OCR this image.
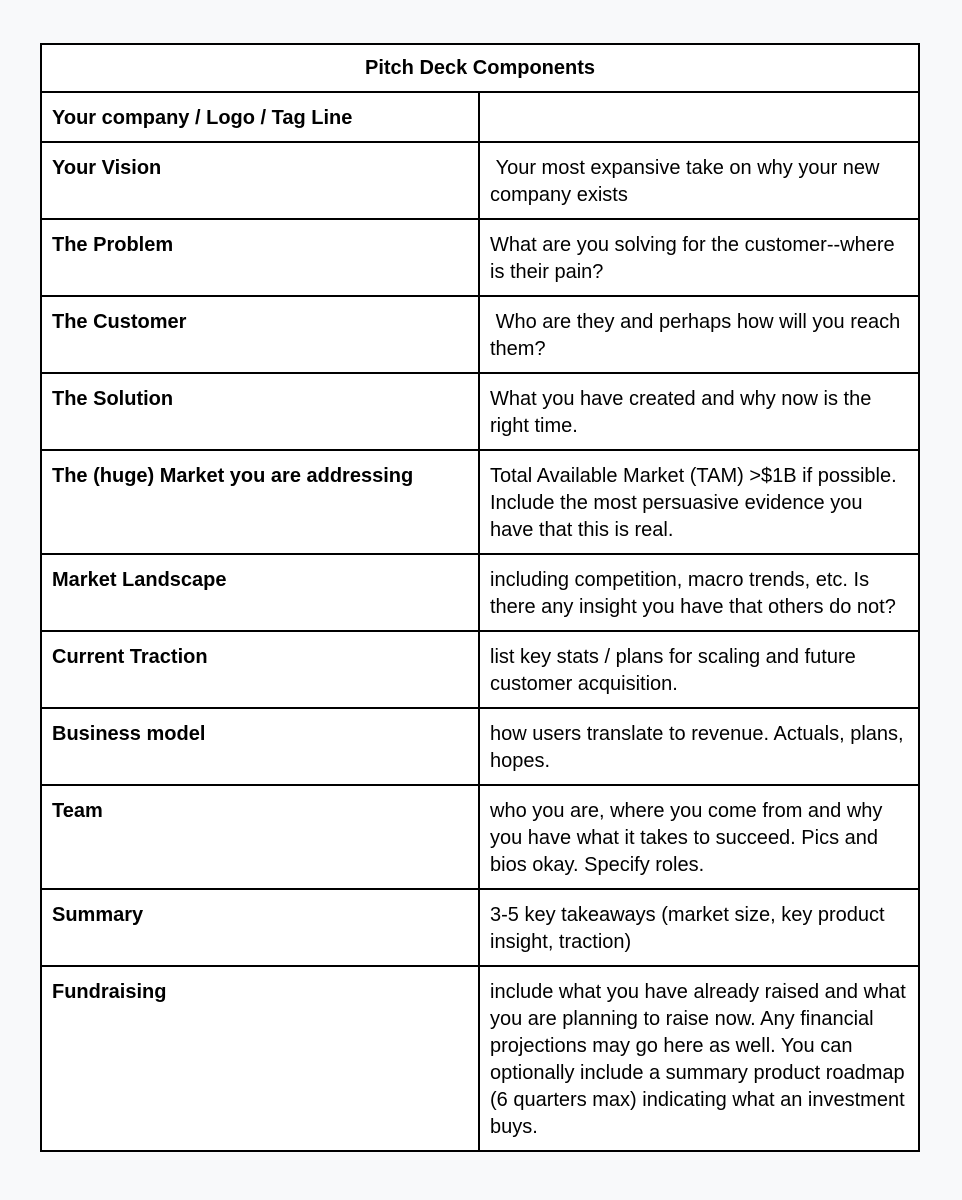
Pitch Deck Components	
Your company / Logo / Tag Line	
Your Vision	Your most expansive take on why your new company exists
The Problem	What are you solving for the customer--where is their pain?
The Customer	Who are they and perhaps how will you reach them?
The Solution	What you have created and why now is the right time.
The (huge) Market you are addressing	Total Available Market (TAM) >$1B if possible. Include the most persuasive evidence you have that this is real.
Market Landscape	including competition, macro trends, etc. Is there any insight you have that others do not?
Current Traction	list key stats / plans for scaling and future customer acquisition.
Business model	how users translate to revenue. Actuals, plans, hopes.
Team	who you are, where you come from and why you have what it takes to succeed. Pics and bios okay. Specify roles.
Summary	3-5 key takeaways (market size, key product insight, traction)
Fundraising	include what you have already raised and what you are planning to raise now. Any financial projections may go here as well. You can optionally include a summary product roadmap (6 quarters max) indicating what an investment buys.
